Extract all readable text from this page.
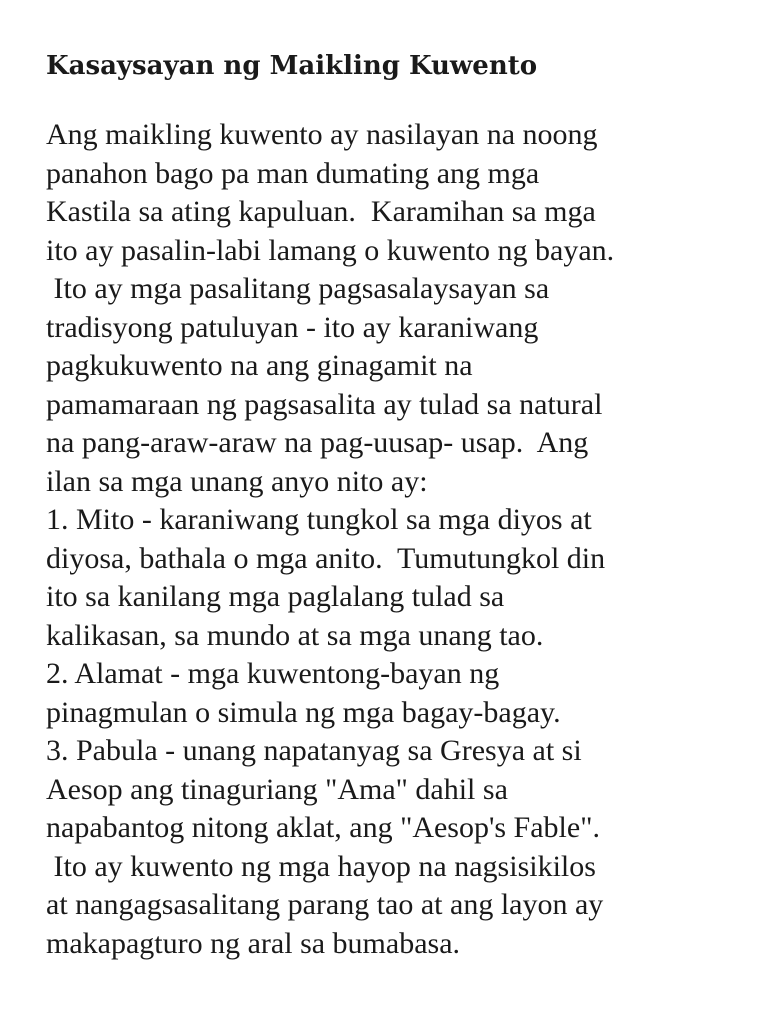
Kasaysayan ng Maikling Kuwento
Ang maikling kuwento ay nasilayan na noong
panahon bago pa man dumating ang mga
Kastila sa ating kapuluan.  Karamihan sa mga
ito ay pasalin-labi lamang o kuwento ng bayan.
Ito ay mga pasalitang pagsasalaysayan sa
tradisyong patuluyan - ito ay karaniwang
pagkukuwento na ang ginagamit na
pamamaraan ng pagsasalita ay tulad sa natural
na pang-araw-araw na pag-uusap- usap.  Ang
ilan sa mga unang anyo nito ay:
1. Mito - karaniwang tungkol sa mga diyos at
diyosa, bathala o mga anito.  Tumutungkol din
ito sa kanilang mga paglalang tulad sa
kalikasan, sa mundo at sa mga unang tao.
2. Alamat - mga kuwentong-bayan ng
pinagmulan o simula ng mga bagay-bagay.
3. Pabula - unang napatanyag sa Gresya at si
Aesop ang tinaguriang "Ama" dahil sa
napabantog nitong aklat, ang "Aesop's Fable".
Ito ay kuwento ng mga hayop na nagsisikilos
at nangagsasalitang parang tao at ang layon ay
makapagturo ng aral sa bumabasa.
